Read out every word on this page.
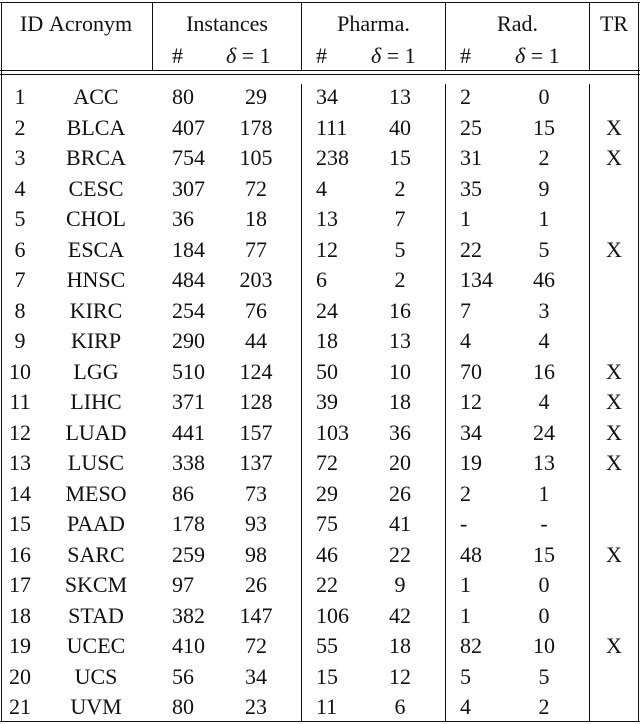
ID Acronym	Instances	Pharma.	Rad.	TR
# δ = 1 # δ = 1 # δ = 1
1	ACC	80	29	34	13	2	0
2	BLCA	407	178	111	40	25	15	X
3	BRCA	754	105	238	15	31	2	X
4	CESC	307	72	4	2	35	9
5	CHOL	36	18	13	7	1	1
6	ESCA	184	77	12	5	22	5	X
7	HNSC	484	203	6	2	134	46
8	KIRC	254	76	24	16	7	3
9	KIRP	290	44	18	13	4	4
10	LGG	510	124	50	10	70	16	X
11	LIHC	371	128	39	18	12	4	X
12	LUAD	441	157	103	36	34	24	X
13	LUSC	338	137	72	20	19	13	X
14	MESO	86	73	29	26	2	1
15	PAAD	178	93	75	41	-	-
16	SARC	259	98	46	22	48	15	X
17	SKCM	97	26	22	9	1	0
18	STAD	382	147	106	42	1	0
19	UCEC	410	72	55	18	82	10	X
20	UCS	56	34	15	12	5	5
21	UVM	80	23	11	6	4	2
